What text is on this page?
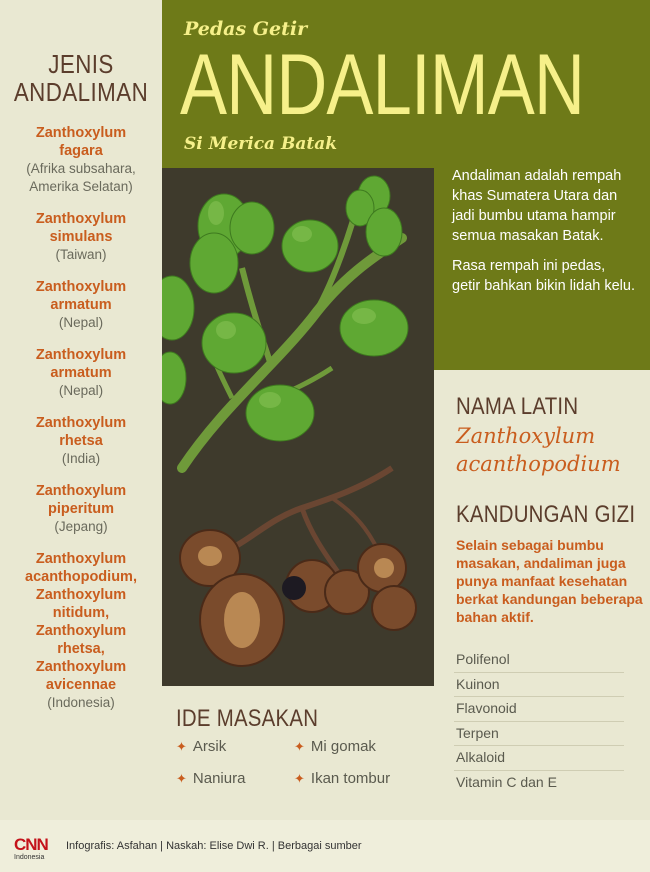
JENIS
ANDALIMAN
Zanthoxylum
fagara
(Afrika subsahara,
Amerika Selatan)
Zanthoxylum
simulans
(Taiwan)
Zanthoxylum
armatum
(Nepal)
Zanthoxylum
armatum
(Nepal)
Zanthoxylum
rhetsa
(India)
Zanthoxylum
piperitum
(Jepang)
Zanthoxylum
acanthopodium,
Zanthoxylum
nitidum,
Zanthoxylum
rhetsa,
Zanthoxylum
avicennae
(Indonesia)
Pedas Getir
ANDALIMAN
Si Merica Batak

Andaliman adalah rempah khas Sumatera Utara dan jadi bumbu utama hampir semua masakan Batak.

Rasa rempah ini pedas, getir bahkan bikin lidah kelu.

NAMA LATIN
Zanthoxylum
acanthopodium
KANDUNGAN GIZI
Selain sebagai bumbu masakan, andaliman juga punya manfaat kesehatan berkat kandungan beberapa bahan aktif.
Polifenol
Kuinon
Flavonoid
Terpen
Alkaloid
Vitamin C dan E
IDE MASAKAN
✦ Arsik	✦ Mi gomak
✦ Naniura	✦ Ikan tombur
CNN
Indonesia
Infografis: Asfahan | Naskah: Elise Dwi R. | Berbagai sumber
